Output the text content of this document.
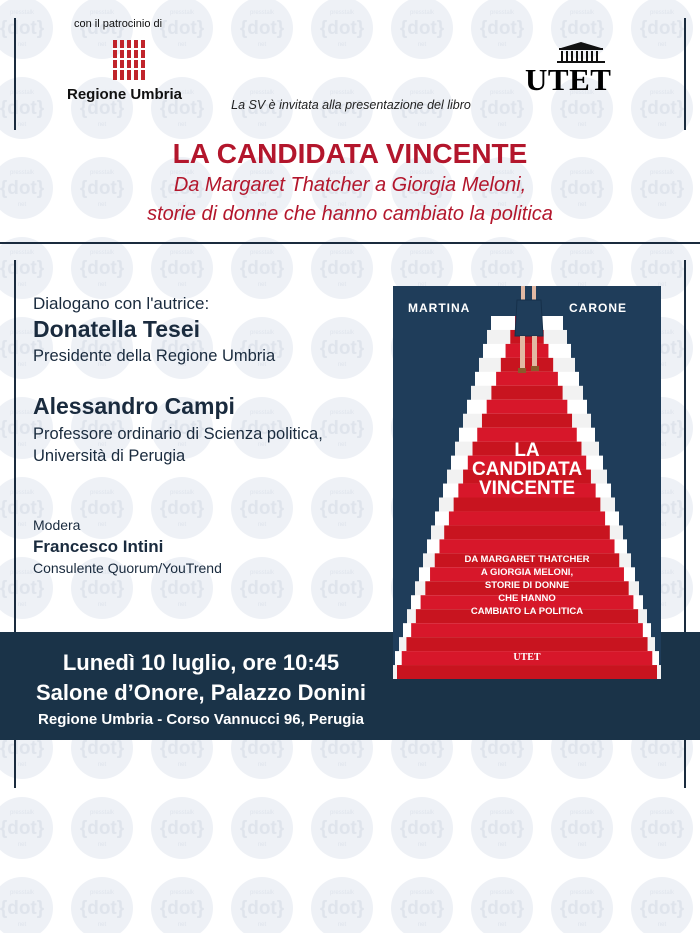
con il patrocinio di
Regione Umbria	UTET
La SV è invitata alla presentazione del libro
LA CANDIDATA VINCENTE
Da Margaret Thatcher a Giorgia Meloni,
storie di donne che hanno cambiato la politica
Dialogano con l'autrice:
Donatella Tesei
Presidente della Regione Umbria
Alessandro Campi
Professore ordinario di Scienza politica,
Università di Perugia
Modera
Francesco Intini
Consulente Quorum/YouTrend
Lunedì 10 luglio, ore 10:45
Salone d’Onore, Palazzo Donini
Regione Umbria - Corso Vannucci 96, Perugia
MARTINA	CARONE
LA
CANDIDATA
VINCENTE
DA MARGARET THATCHER
A GIORGIA MELONI,
STORIE DI DONNE
CHE HANNO
CAMBIATO LA POLITICA
UTET
